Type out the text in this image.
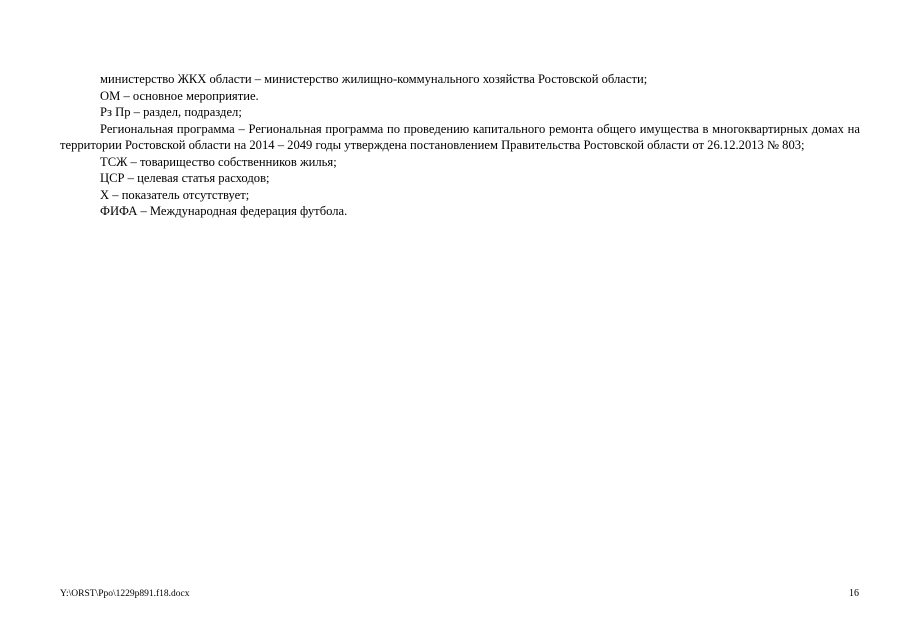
министерство ЖКХ области – министерство жилищно-коммунального хозяйства Ростовской области;

ОМ – основное мероприятие.

Рз Пр – раздел, подраздел;

Региональная программа – Региональная программа по проведению капитального ремонта общего имущества в многоквартирных домах на территории Ростовской области на 2014 – 2049 годы утверждена постановлением Правительства Ростовской области от 26.12.2013 № 803;

ТСЖ – товарищество собственников жилья;

ЦСР – целевая статья расходов;

Х – показатель отсутствует;

ФИФА – Международная федерация футбола.

Y:\ORST\Ppo\1229p891.f18.docx	16
